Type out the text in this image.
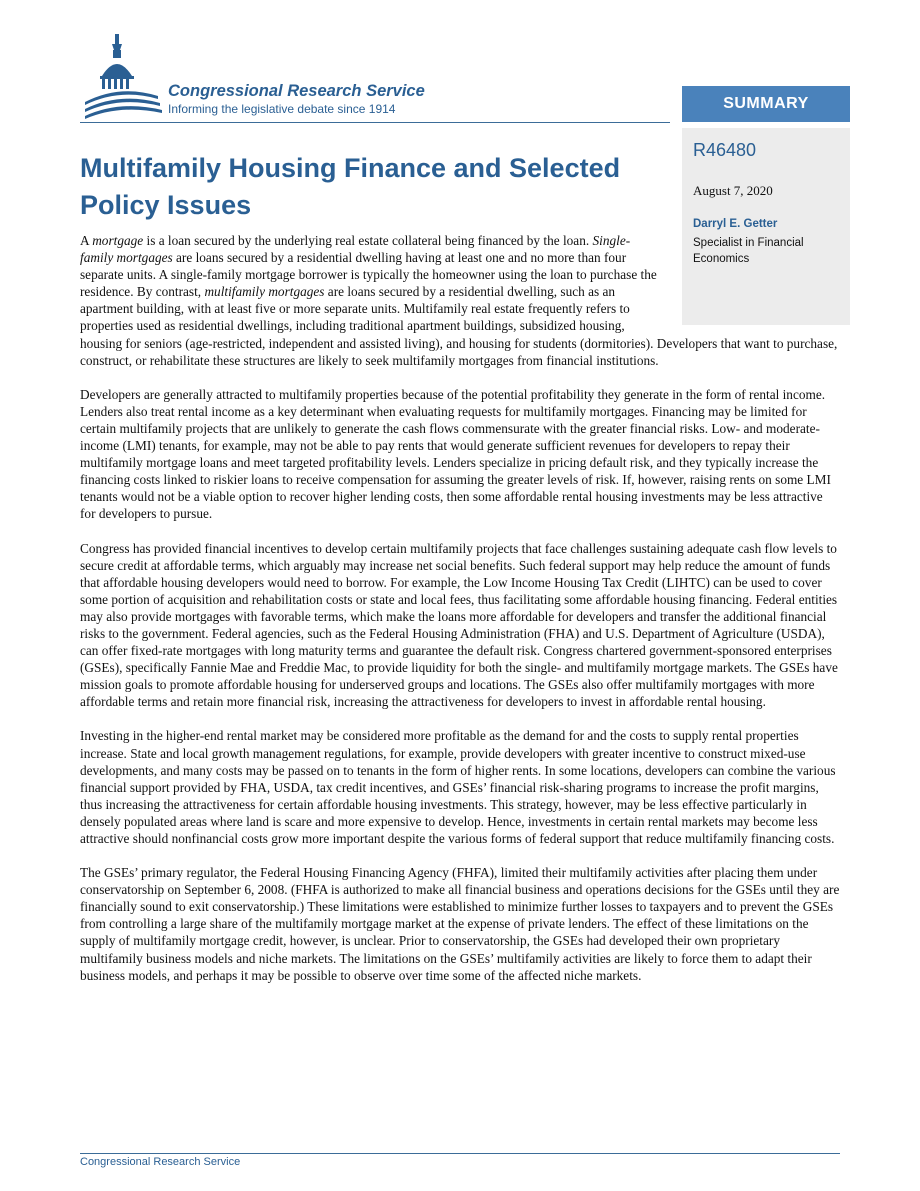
Congressional Research Service
Informing the legislative debate since 1914	SUMMARY
R46480
August 7, 2020
Darryl E. Getter
Specialist in Financial Economics
Multifamily Housing Finance and Selected Policy Issues

A mortgage is a loan secured by the underlying real estate collateral being financed by the loan. Single-family mortgages are loans secured by a residential dwelling having at least one and no more than four separate units. A single-family mortgage borrower is typically the homeowner using the loan to purchase the residence. By contrast, multifamily mortgages are loans secured by a residential dwelling, such as an apartment building, with at least five or more separate units. Multifamily real estate frequently refers to properties used as residential dwellings, including traditional apartment buildings, subsidized housing, housing for seniors (age-restricted, independent and assisted living), and housing for students (dormitories). Developers that want to purchase, construct, or rehabilitate these structures are likely to seek multifamily mortgages from financial institutions.

Developers are generally attracted to multifamily properties because of the potential profitability they generate in the form of rental income. Lenders also treat rental income as a key determinant when evaluating requests for multifamily mortgages. Financing may be limited for certain multifamily projects that are unlikely to generate the cash flows commensurate with the greater financial risks. Low- and moderate-income (LMI) tenants, for example, may not be able to pay rents that would generate sufficient revenues for developers to repay their multifamily mortgage loans and meet targeted profitability levels. Lenders specialize in pricing default risk, and they typically increase the financing costs linked to riskier loans to receive compensation for assuming the greater levels of risk. If, however, raising rents on some LMI tenants would not be a viable option to recover higher lending costs, then some affordable rental housing investments may be less attractive for developers to pursue.

Congress has provided financial incentives to develop certain multifamily projects that face challenges sustaining adequate cash flow levels to secure credit at affordable terms, which arguably may increase net social benefits. Such federal support may help reduce the amount of funds that affordable housing developers would need to borrow. For example, the Low Income Housing Tax Credit (LIHTC) can be used to cover some portion of acquisition and rehabilitation costs or state and local fees, thus facilitating some affordable housing financing. Federal entities may also provide mortgages with favorable terms, which make the loans more affordable for developers and transfer the additional financial risks to the government. Federal agencies, such as the Federal Housing Administration (FHA) and U.S. Department of Agriculture (USDA), can offer fixed-rate mortgages with long maturity terms and guarantee the default risk. Congress chartered government-sponsored enterprises (GSEs), specifically Fannie Mae and Freddie Mac, to provide liquidity for both the single- and multifamily mortgage markets. The GSEs have mission goals to promote affordable housing for underserved groups and locations. The GSEs also offer multifamily mortgages with more affordable terms and retain more financial risk, increasing the attractiveness for developers to invest in affordable rental housing.

Investing in the higher-end rental market may be considered more profitable as the demand for and the costs to supply rental properties increase. State and local growth management regulations, for example, provide developers with greater incentive to construct mixed-use developments, and many costs may be passed on to tenants in the form of higher rents. In some locations, developers can combine the various financial support provided by FHA, USDA, tax credit incentives, and GSEs’ financial risk-sharing programs to increase the profit margins, thus increasing the attractiveness for certain affordable housing investments. This strategy, however, may be less effective particularly in densely populated areas where land is scare and more expensive to develop. Hence, investments in certain rental markets may become less attractive should nonfinancial costs grow more important despite the various forms of federal support that reduce multifamily financing costs.

The GSEs’ primary regulator, the Federal Housing Financing Agency (FHFA), limited their multifamily activities after placing them under conservatorship on September 6, 2008. (FHFA is authorized to make all financial business and operations decisions for the GSEs until they are financially sound to exit conservatorship.) These limitations were established to minimize further losses to taxpayers and to prevent the GSEs from controlling a large share of the multifamily mortgage market at the expense of private lenders. The effect of these limitations on the supply of multifamily mortgage credit, however, is unclear. Prior to conservatorship, the GSEs had developed their own proprietary multifamily business models and niche markets. The limitations on the GSEs’ multifamily activities are likely to force them to adapt their business models, and perhaps it may be possible to observe over time some of the affected niche markets.

Congressional Research Service
